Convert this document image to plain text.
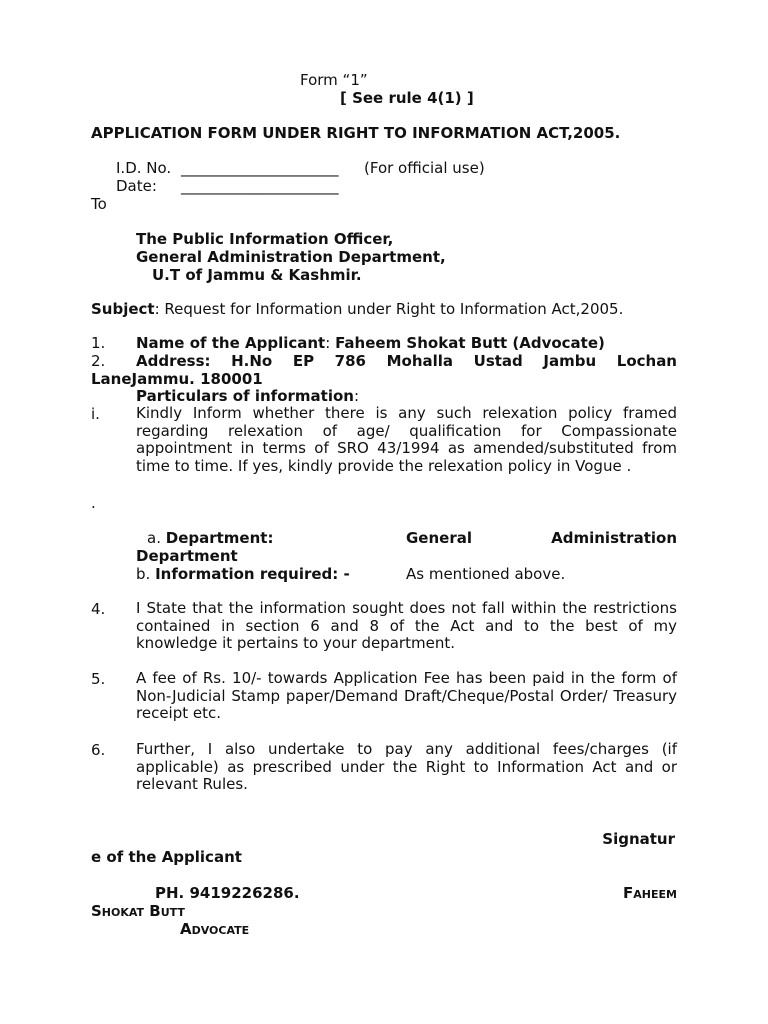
Form “1”
[ See rule 4(1) ]
APPLICATION FORM UNDER RIGHT TO INFORMATION ACT,2005.
I.D. No. _____________________ (For official use)
Date: _____________________
To
The Public Information Officer,
General Administration Department,
U.T of Jammu & Kashmir.
Subject: Request for Information under Right to Information Act,2005.
1. Name of the Applicant: Faheem Shokat Butt (Advocate)
2. Address: H.No EP 786 Mohalla Ustad Jambu Lochan
LaneJammu. 180001
Particulars of information:
i. Kindly Inform whether there is any such relexation policy framed regarding relexation of age/ qualification for Compassionate appointment in terms of SRO 43/1994 as amended/substituted from time to time. If yes, kindly provide the relexation policy in Vogue .
.
a. Department:	General	Administration
Department
b. Information required: -	As mentioned above.
4. I State that the information sought does not fall within the restrictions contained in section 6 and 8 of the Act and to the best of my knowledge it pertains to your department.
5. A fee of Rs. 10/- towards Application Fee has been paid in the form of Non-Judicial Stamp paper/Demand Draft/Cheque/Postal Order/ Treasury receipt etc.
6. Further, I also undertake to pay any additional fees/charges (if applicable) as prescribed under the Right to Information Act and or relevant Rules.
Signatur
e of the Applicant
PH. 9419226286.	Faheem
Shokat Butt
Advocate
